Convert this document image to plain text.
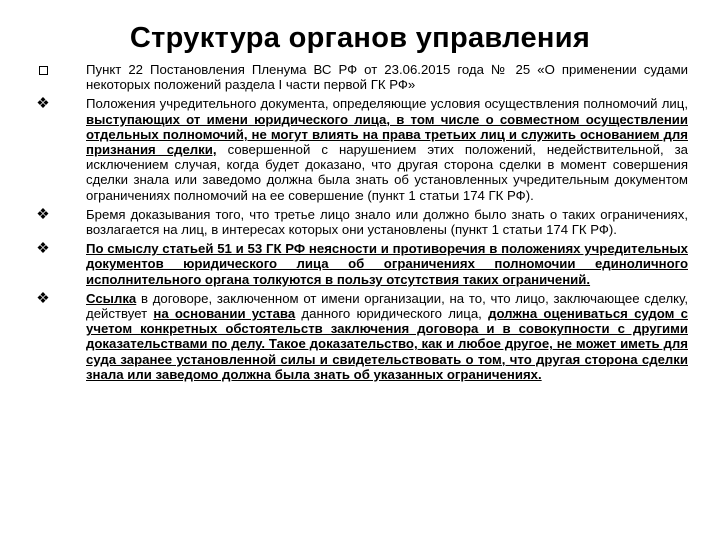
Структура органов управления
Пункт 22 Постановления Пленума ВС РФ от 23.06.2015 года № 25 «О применении судами некоторых положений раздела I части первой ГК РФ»
❖	Положения учредительного документа, определяющие условия осуществления полномочий лиц, выступающих от имени юридического лица, в том числе о совместном осуществлении отдельных полномочий, не могут влиять на права третьих лиц и служить основанием для признания сделки, совершенной с нарушением этих положений, недействительной, за исключением случая, когда будет доказано, что другая сторона сделки в момент совершения сделки знала или заведомо должна была знать об установленных учредительным документом ограничениях полномочий на ее совершение (пункт 1 статьи 174 ГК РФ).
❖	Бремя доказывания того, что третье лицо знало или должно было знать о таких ограничениях, возлагается на лиц, в интересах которых они установлены (пункт 1 статьи 174 ГК РФ).
❖	По смыслу статьей 51 и 53 ГК РФ неясности и противоречия в положениях учредительных документов юридического лица об ограничениях полномочии единоличного исполнительного органа толкуются в пользу отсутствия таких ограничений.
❖	Ссылка в договоре, заключенном от имени организации, на то, что лицо, заключающее сделку, действует на основании устава данного юридического лица, должна оцениваться судом с учетом конкретных обстоятельств заключения договора и в совокупности с другими доказательствами по делу. Такое доказательство, как и любое другое, не может иметь для суда заранее установленной силы и свидетельствовать о том, что другая сторона сделки знала или заведомо должна была знать об указанных ограничениях.
